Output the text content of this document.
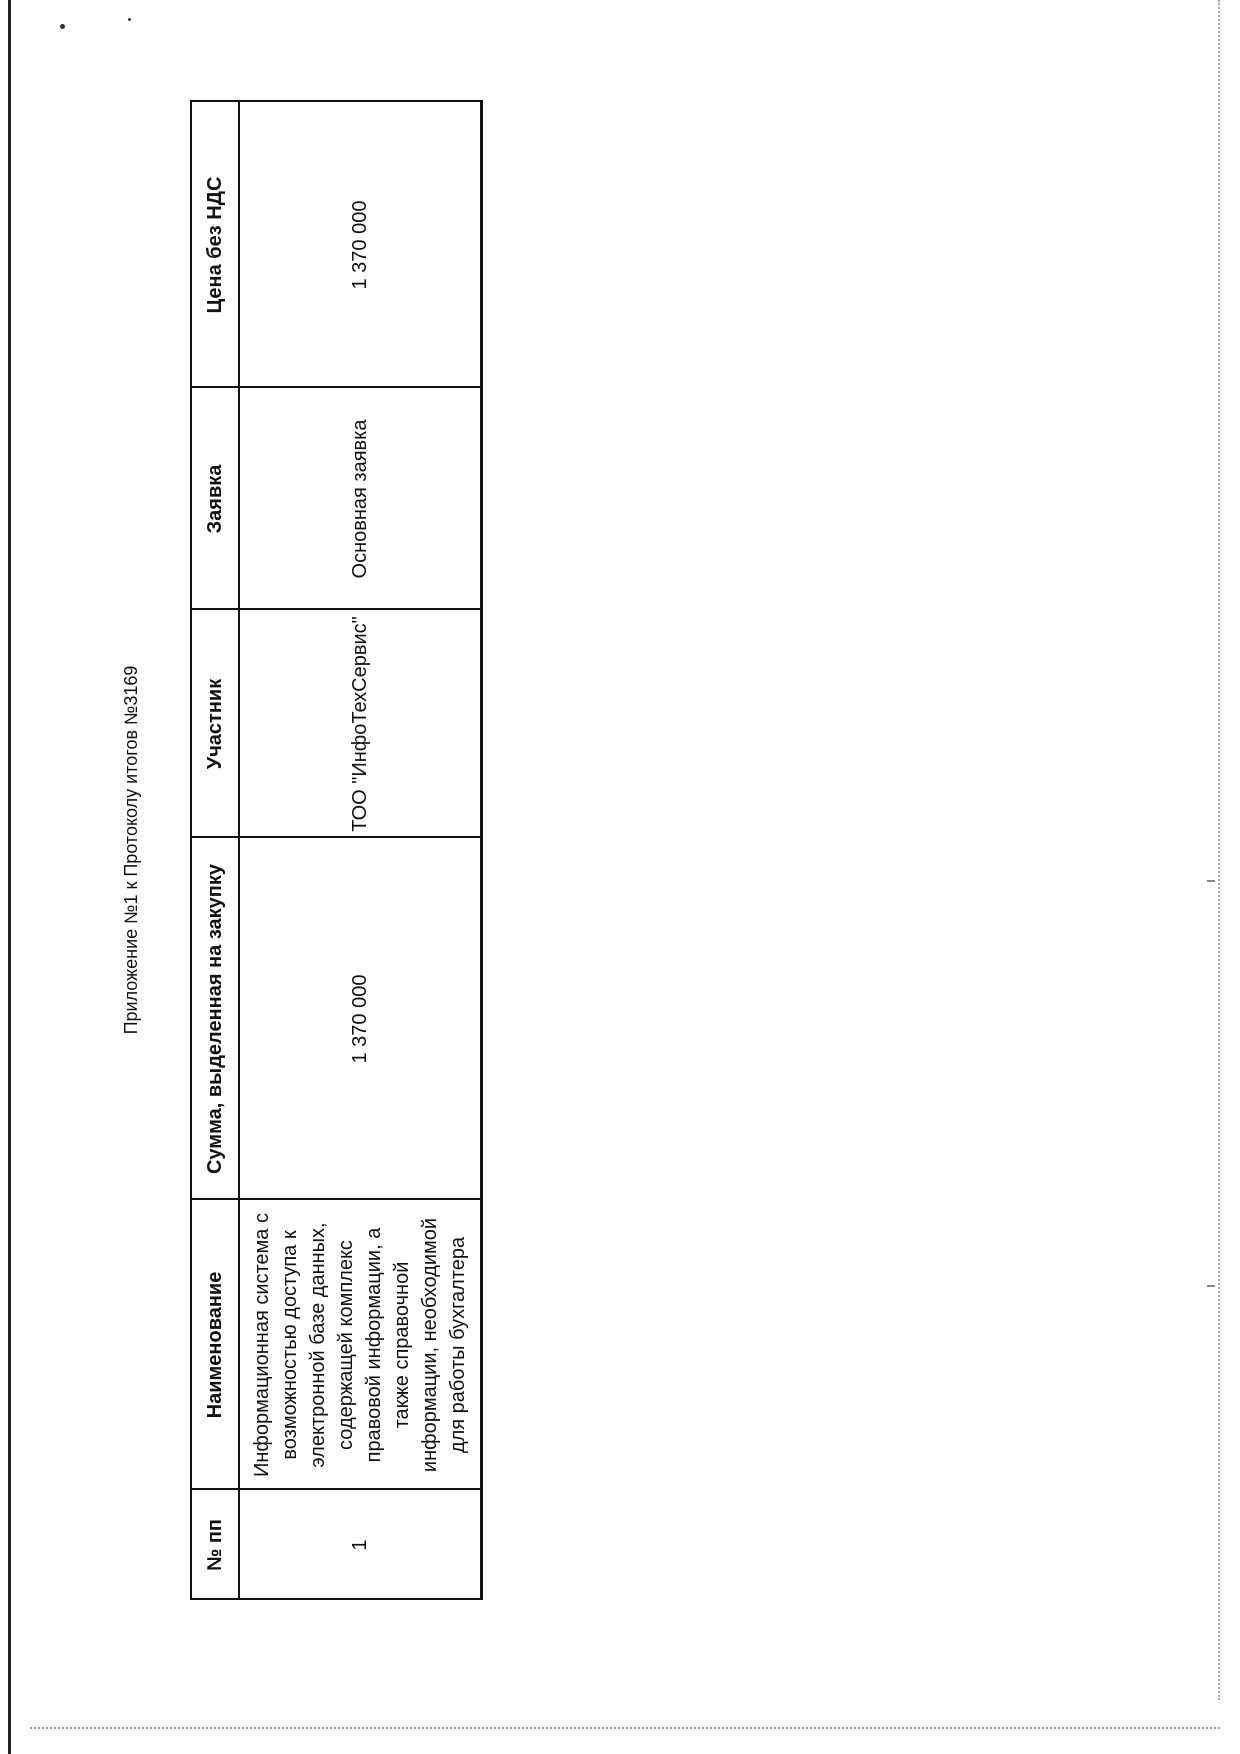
Приложение №1 к Протоколу итогов №3169
№ пп
Наименование
Сумма, выделенная на закупку
Участник
Заявка
Цена без НДС
1
Информационная система с возможностью доступа к электронной базе данных, содержащей комплекс правовой информации, а также справочной информации, необходимой для работы бухгалтера
1 370 000
ТОО "ИнфоТехСервис"
Основная заявка
1 370 000
